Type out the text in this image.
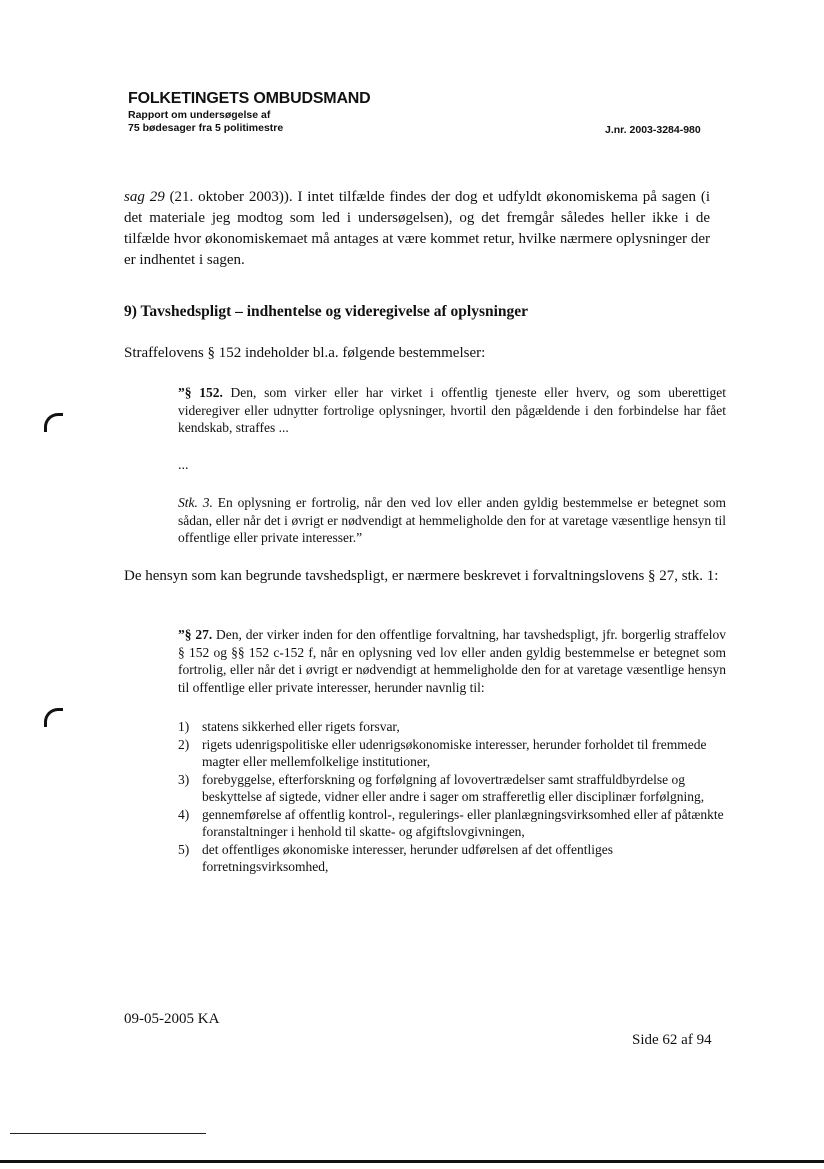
FOLKETINGETS OMBUDSMAND
Rapport om undersøgelse af
75 bødesager fra 5 politimestre	J.nr. 2003-3284-980
sag 29 (21. oktober 2003)). I intet tilfælde findes der dog et udfyldt økonomiskema på sagen (i det materiale jeg modtog som led i undersøgelsen), og det fremgår således heller ikke i de tilfælde hvor økonomiskemaet må antages at være kommet retur, hvilke nærmere oplysninger der er indhentet i sagen.
9) Tavshedspligt – indhentelse og videregivelse af oplysninger
Straffelovens § 152 indeholder bl.a. følgende bestemmelser:
”§ 152. Den, som virker eller har virket i offentlig tjeneste eller hverv, og som uberettiget videregiver eller udnytter fortrolige oplysninger, hvortil den pågældende i den forbindelse har fået kendskab, straffes ...
...
Stk. 3. En oplysning er fortrolig, når den ved lov eller anden gyldig bestemmelse er betegnet som sådan, eller når det i øvrigt er nødvendigt at hemmeligholde den for at varetage væsentlige hensyn til offentlige eller private interesser.”
De hensyn som kan begrunde tavshedspligt, er nærmere beskrevet i forvaltningslovens § 27, stk. 1:
”§ 27. Den, der virker inden for den offentlige forvaltning, har tavshedspligt, jfr. borgerlig straffelov § 152 og §§ 152 c-152 f, når en oplysning ved lov eller anden gyldig bestemmelse er betegnet som fortrolig, eller når det i øvrigt er nødvendigt at hemmeligholde den for at varetage væsentlige hensyn til offentlige eller private interesser, herunder navnlig til:
1) statens sikkerhed eller rigets forsvar,
2) rigets udenrigspolitiske eller udenrigsøkonomiske interesser, herunder forholdet til fremmede magter eller mellemfolkelige institutioner,
3) forebyggelse, efterforskning og forfølgning af lovovertrædelser samt straffuldbyrdelse og beskyttelse af sigtede, vidner eller andre i sager om strafferetlig eller disciplinær forfølgning,
4) gennemførelse af offentlig kontrol-, regulerings- eller planlægningsvirksomhed eller af påtænkte foranstaltninger i henhold til skatte- og afgiftslovgivningen,
5) det offentliges økonomiske interesser, herunder udførelsen af det offentliges forretningsvirksomhed,
09-05-2005 KA
Side 62 af 94
